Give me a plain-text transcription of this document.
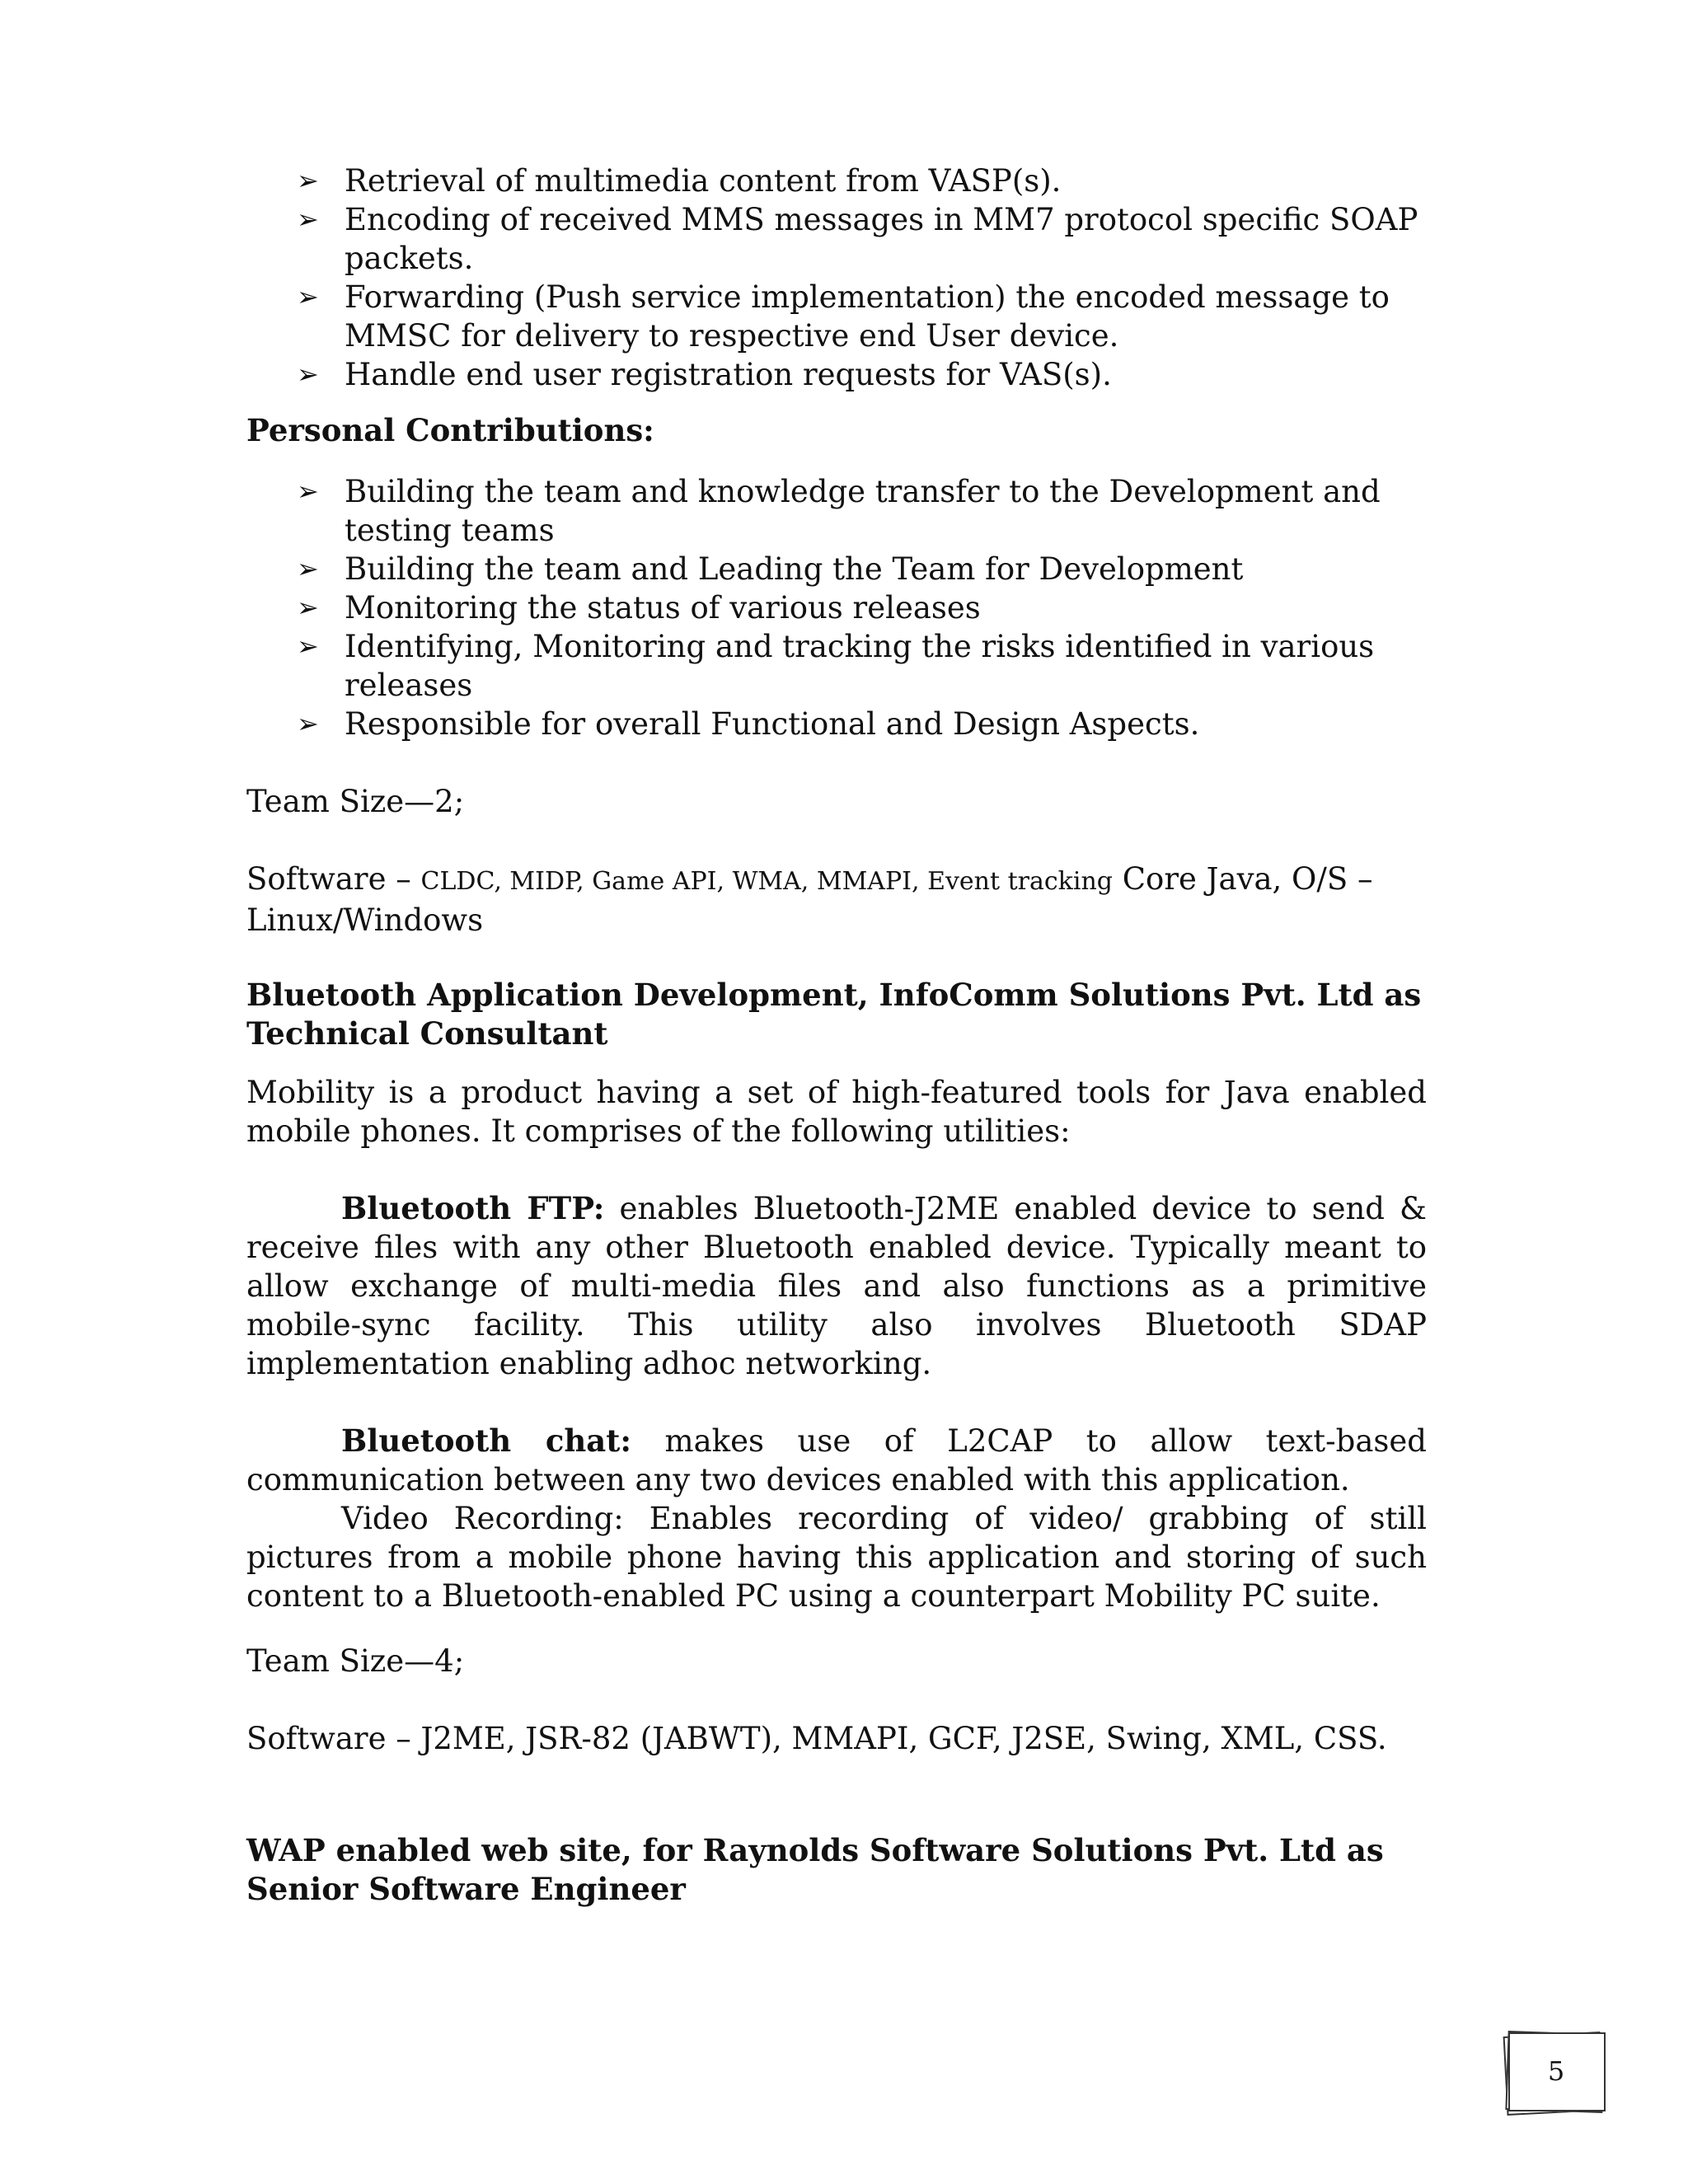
➢ Retrieval of multimedia content from VASP(s).
➢ Encoding of received MMS messages in MM7 protocol specific SOAP packets.
➢ Forwarding (Push service implementation) the encoded message to MMSC for delivery to respective end User device.
➢ Handle end user registration requests for VAS(s).

Personal Contributions:

➢ Building the team and knowledge transfer to the Development and testing teams
➢ Building the team and Leading the Team for Development
➢ Monitoring the status of various releases
➢ Identifying, Monitoring and tracking the risks identified in various releases
➢ Responsible for overall Functional and Design Aspects.

Team Size—2;

Software – CLDC, MIDP, Game API, WMA, MMAPI, Event tracking Core Java, O/S – Linux/Windows

Bluetooth Application Development, InfoComm Solutions Pvt. Ltd as Technical Consultant

Mobility is a product having a set of high-featured tools for Java enabled mobile phones. It comprises of the following utilities:

Bluetooth FTP: enables Bluetooth-J2ME enabled device to send & receive files with any other Bluetooth enabled device. Typically meant to allow exchange of multi-media files and also functions as a primitive mobile-sync facility. This utility also involves Bluetooth SDAP implementation enabling adhoc networking.

Bluetooth chat: makes use of L2CAP to allow text-based communication between any two devices enabled with this application.

Video Recording: Enables recording of video/ grabbing of still pictures from a mobile phone having this application and storing of such content to a Bluetooth-enabled PC using a counterpart Mobility PC suite.

Team Size—4;

Software – J2ME, JSR-82 (JABWT), MMAPI, GCF, J2SE, Swing, XML, CSS.

WAP enabled web site, for Raynolds Software Solutions Pvt. Ltd as Senior Software Engineer

5
